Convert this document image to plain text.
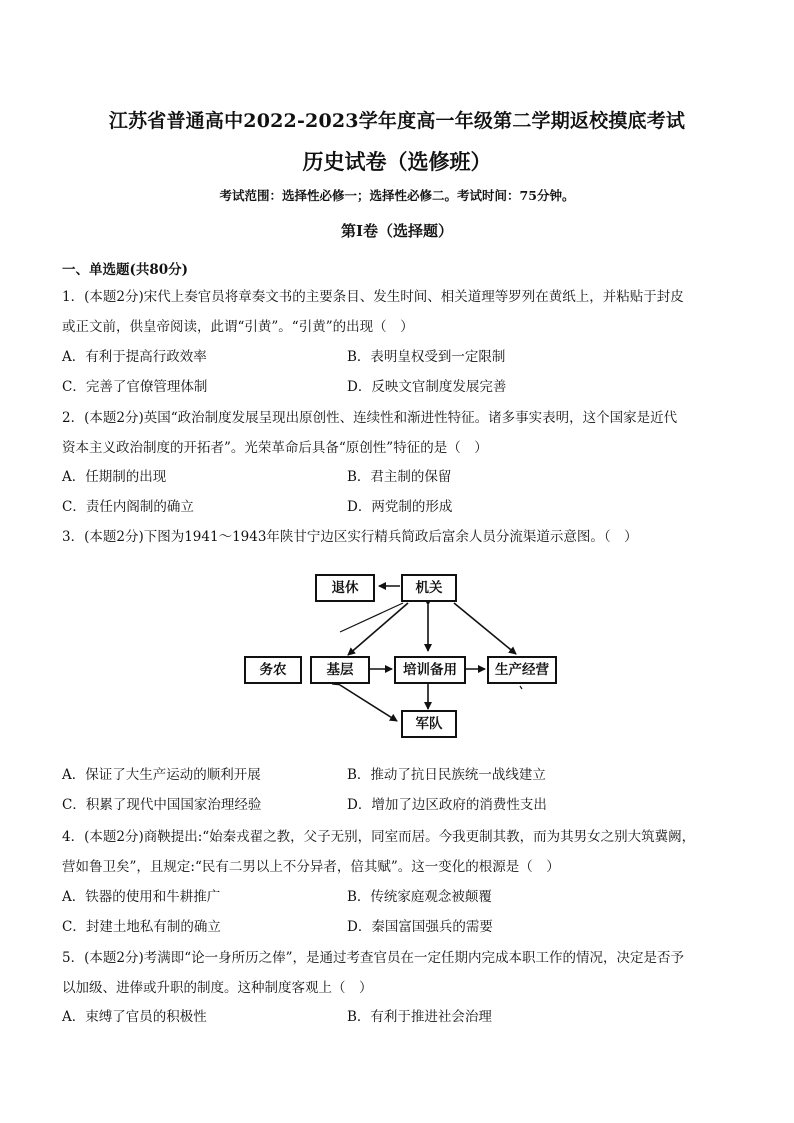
江苏省普通高中2022-2023学年度高一年级第二学期返校摸底考试
历史试卷（选修班）
考试范围：选择性必修一；选择性必修二。考试时间：75分钟。
第Ⅰ卷（选择题）
一、单选题(共80分)
1．(本题2分)宋代上奏官员将章奏文书的主要条目、发生时间、相关道理等罗列在黄纸上，并粘贴于封皮
或正文前，供皇帝阅读，此谓“引黄”。“引黄”的出现（　）
A．有利于提高行政效率	B．表明皇权受到一定限制
C．完善了官僚管理体制	D．反映文官制度发展完善
2．(本题2分)英国“政治制度发展呈现出原创性、连续性和渐进性特征。诸多事实表明，这个国家是近代
资本主义政治制度的开拓者”。光荣革命后具备“原创性”特征的是（　）
A．任期制的出现	B．君主制的保留
C．责任内阁制的确立	D．两党制的形成
3．(本题2分)下图为1941～1943年陕甘宁边区实行精兵简政后富余人员分流渠道示意图。（　）
退休	机关
务农	基层	培训备用	生产经营
军队
A．保证了大生产运动的顺利开展	B．推动了抗日民族统一战线建立
C．积累了现代中国国家治理经验	D．增加了边区政府的消费性支出
4．(本题2分)商鞅提出:“始秦戎翟之教，父子无别，同室而居。今我更制其教，而为其男女之别大筑冀阙，
营如鲁卫矣”，且规定:“民有二男以上不分异者，倍其赋”。这一变化的根源是（　）
A．铁器的使用和牛耕推广	B．传统家庭观念被颠覆
C．封建土地私有制的确立	D．秦国富国强兵的需要
5．(本题2分)考满即“论一身所历之俸”，是通过考查官员在一定任期内完成本职工作的情况，决定是否予
以加级、进俸或升职的制度。这种制度客观上（　）
A．束缚了官员的积极性	B．有利于推进社会治理
